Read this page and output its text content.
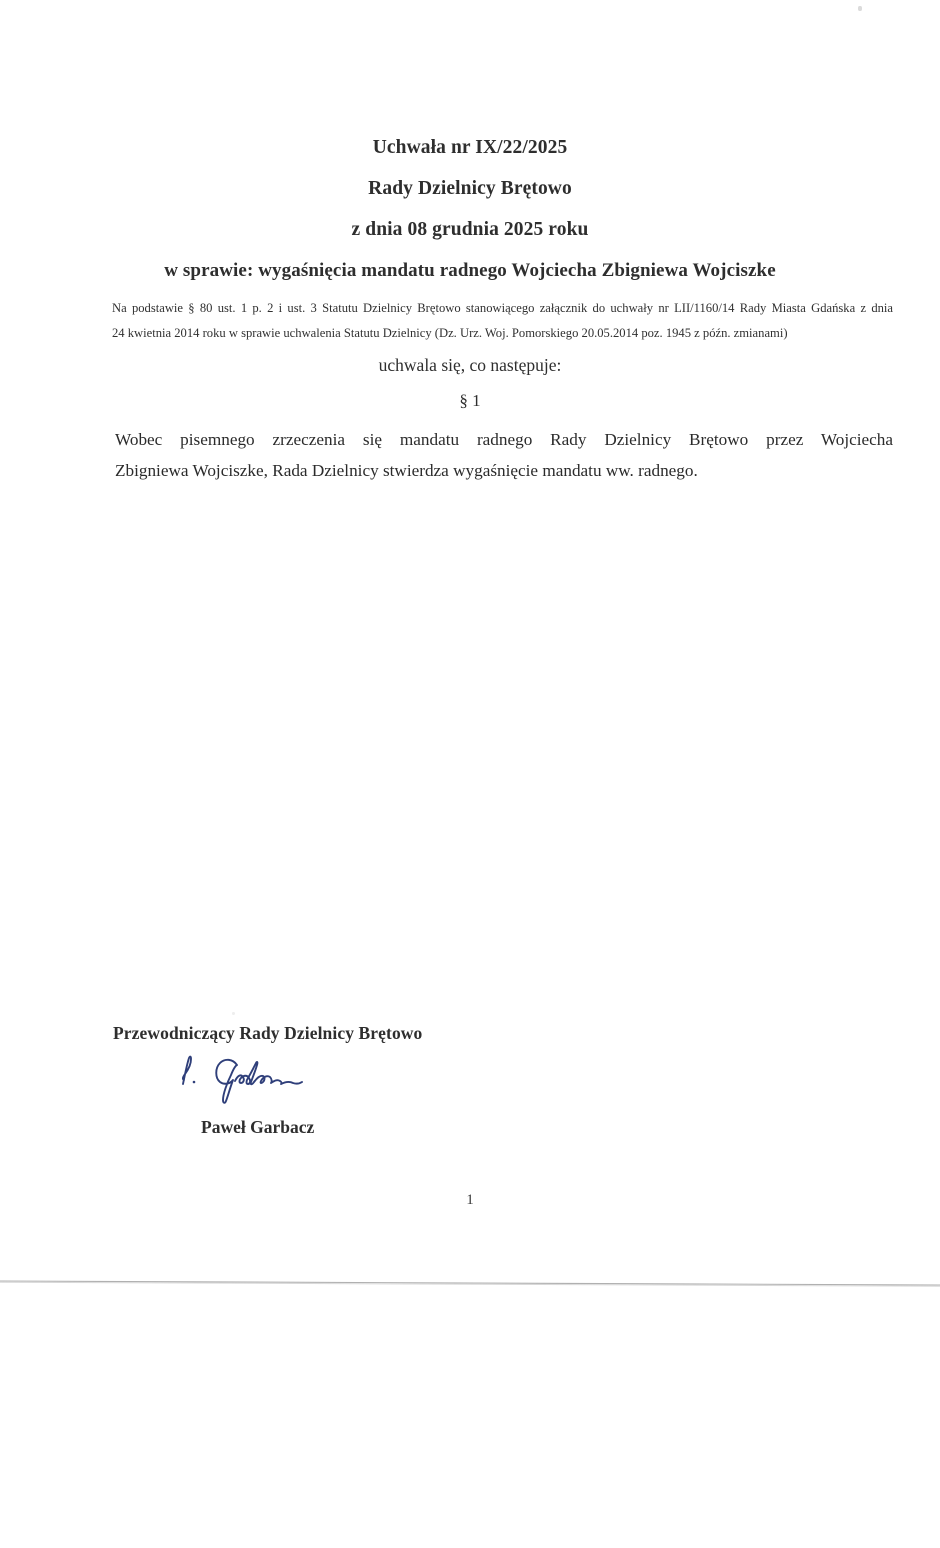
Uchwała nr IX/22/2025
Rady Dzielnicy Brętowo
z dnia 08 grudnia 2025 roku
w sprawie: wygaśnięcia mandatu radnego Wojciecha Zbigniewa Wojciszke
Na podstawie § 80 ust. 1 p. 2 i ust. 3 Statutu Dzielnicy Brętowo stanowiącego załącznik do uchwały nr LII/1160/14 Rady Miasta Gdańska z dnia
24 kwietnia 2014 roku w sprawie uchwalenia Statutu Dzielnicy (Dz. Urz. Woj. Pomorskiego 20.05.2014 poz. 1945 z późn. zmianami)
uchwala się, co następuje:
§ 1
Wobec pisemnego zrzeczenia się mandatu radnego Rady Dzielnicy Brętowo przez Wojciecha
Zbigniewa Wojciszke, Rada Dzielnicy stwierdza wygaśnięcie mandatu ww. radnego.
Przewodniczący Rady Dzielnicy Brętowo
Paweł Garbacz
1
